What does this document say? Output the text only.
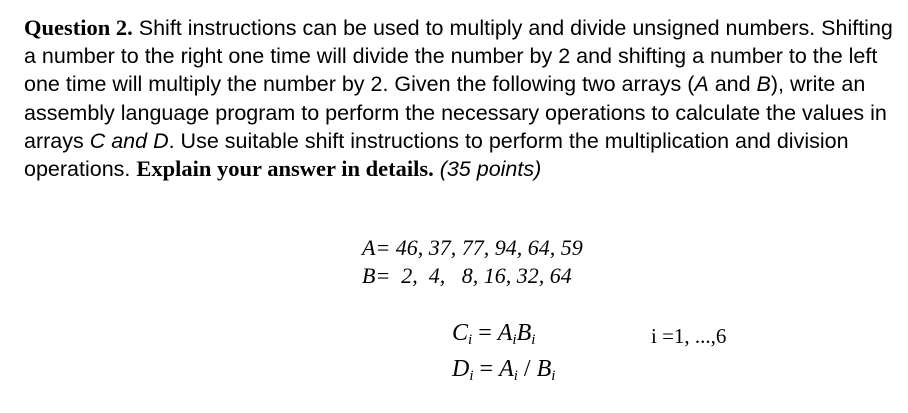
Question 2. Shift instructions can be used to multiply and divide unsigned numbers. Shifting a number to the right one time will divide the number by 2 and shifting a number to the left one time will multiply the number by 2. Given the following two arrays (A and B), write an assembly language program to perform the necessary operations to calculate the values in arrays C and D. Use suitable shift instructions to perform the multiplication and division operations. Explain your answer in details. (35 points)

A= 46, 37, 77, 94, 64, 59
B=  2,  4,   8, 16, 32, 64
$C_i = A_iB_i$
$D_i = A_i / B_i$
i =1, ...,6
